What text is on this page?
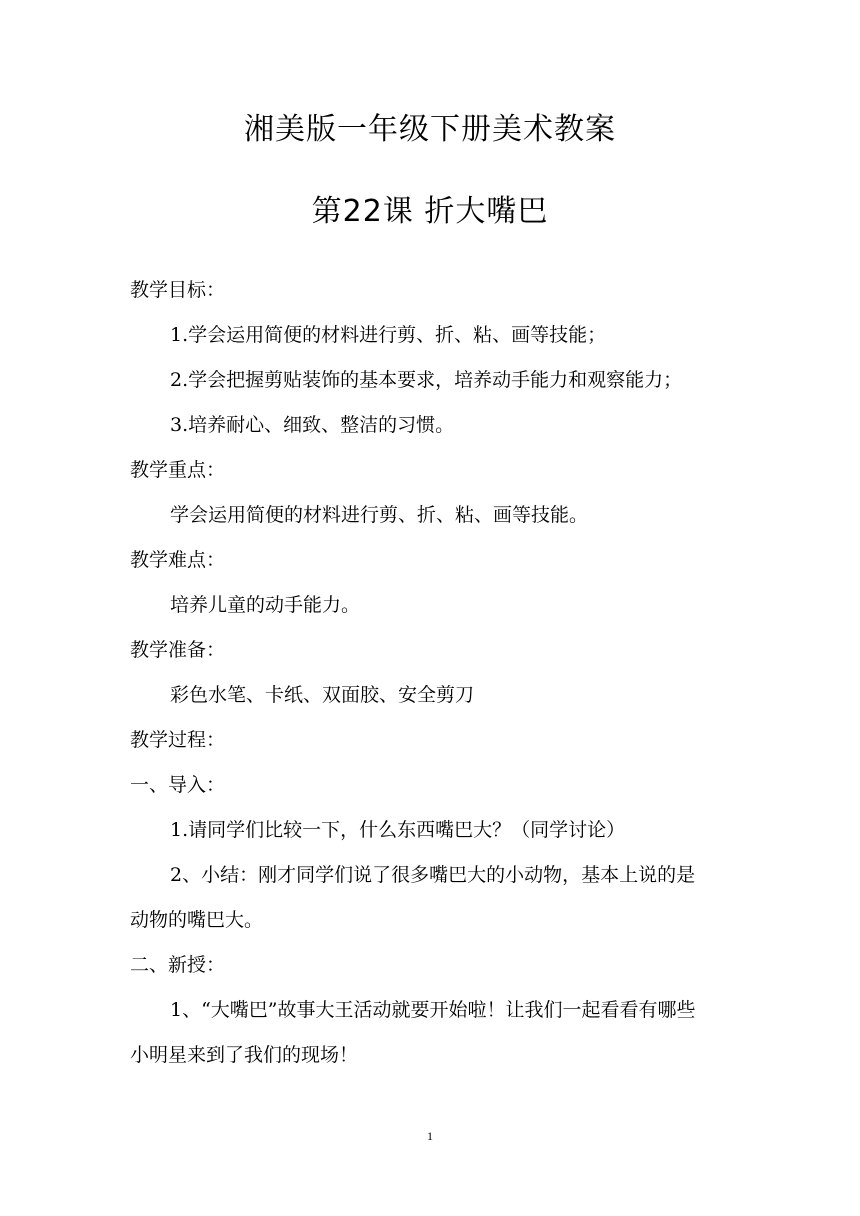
湘美版一年级下册美术教案
第22课 折大嘴巴
教学目标：
1.学会运用简便的材料进行剪、折、粘、画等技能；
2.学会把握剪贴装饰的基本要求，培养动手能力和观察能力；
3.培养耐心、细致、整洁的习惯。
教学重点：
学会运用简便的材料进行剪、折、粘、画等技能。
教学难点：
培养儿童的动手能力。
教学准备：
彩色水笔、卡纸、双面胶、安全剪刀
教学过程：
一、导入：
1.请同学们比较一下，什么东西嘴巴大？（同学讨论）
2、小结：刚才同学们说了很多嘴巴大的小动物，基本上说的是
动物的嘴巴大。
二、新授：
1、“大嘴巴”故事大王活动就要开始啦！让我们一起看看有哪些
小明星来到了我们的现场！
1
